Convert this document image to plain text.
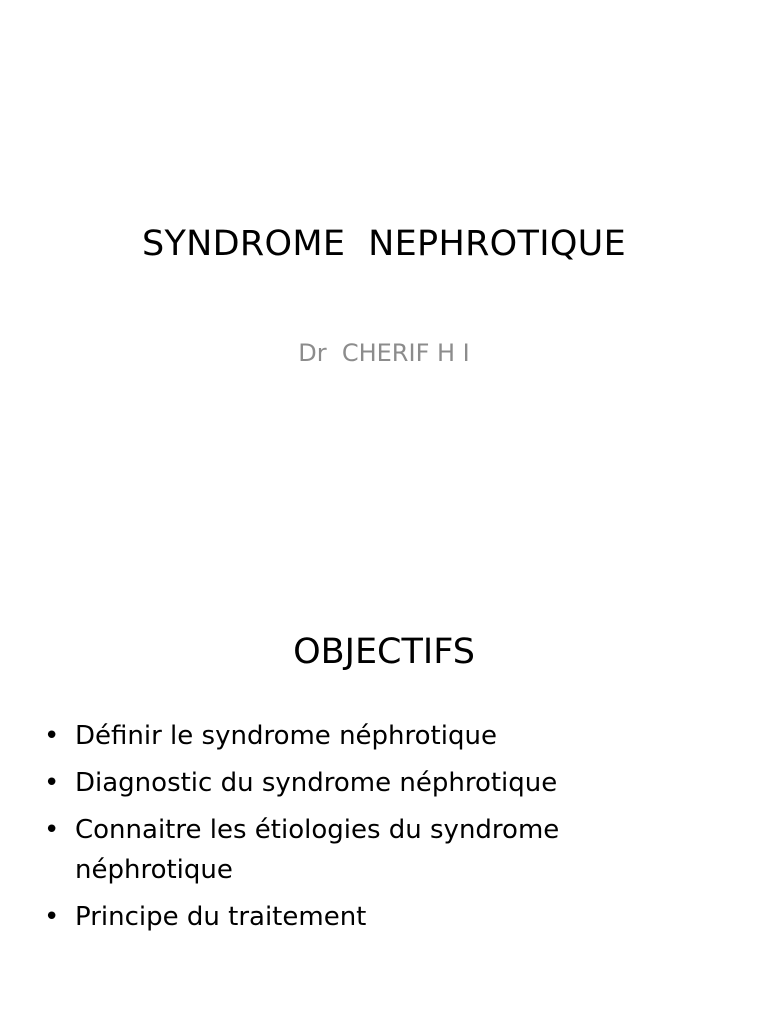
SYNDROME  NEPHROTIQUE
Dr  CHERIF H I
OBJECTIFS
• Définir le syndrome néphrotique
• Diagnostic du syndrome néphrotique
• Connaitre les étiologies du syndrome néphrotique
• Principe du traitement
